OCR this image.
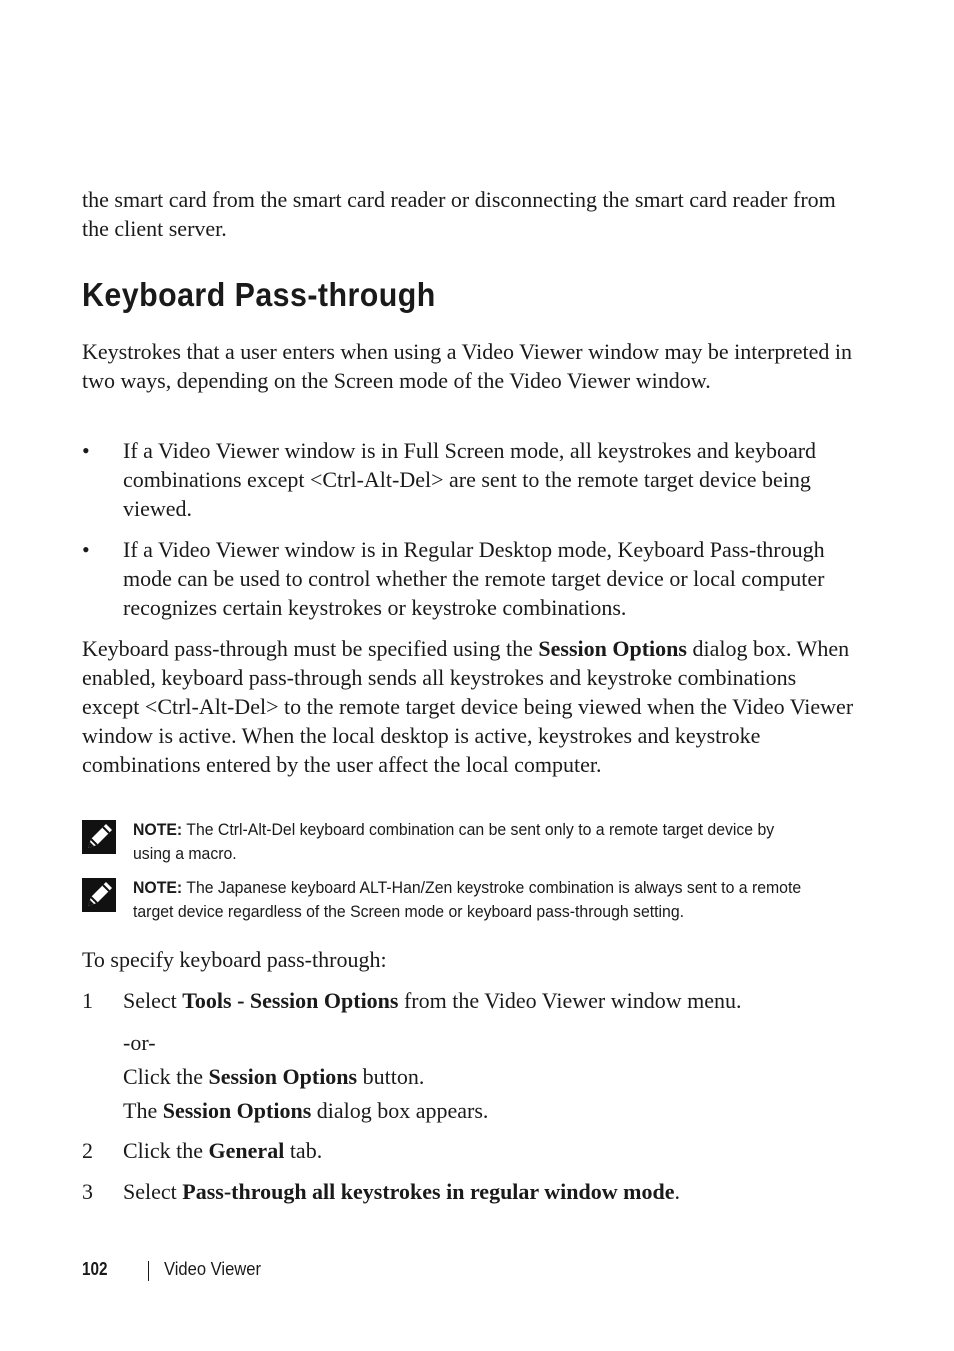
the smart card from the smart card reader or disconnecting the smart card reader from the client server.

Keyboard Pass-through

Keystrokes that a user enters when using a Video Viewer window may be interpreted in two ways, depending on the Screen mode of the Video Viewer window.

•	If a Video Viewer window is in Full Screen mode, all keystrokes and keyboard combinations except <Ctrl-Alt-Del> are sent to the remote target device being viewed.
•	If a Video Viewer window is in Regular Desktop mode, Keyboard Pass-through mode can be used to control whether the remote target device or local computer recognizes certain keystrokes or keystroke combinations.

Keyboard pass-through must be specified using the Session Options dialog box. When enabled, keyboard pass-through sends all keystrokes and keystroke combinations except <Ctrl-Alt-Del> to the remote target device being viewed when the Video Viewer window is active. When the local desktop is active, keystrokes and keystroke combinations entered by the user affect the local computer.

NOTE: The Ctrl-Alt-Del keyboard combination can be sent only to a remote target device by using a macro.
NOTE: The Japanese keyboard ALT-Han/Zen keystroke combination is always sent to a remote target device regardless of the Screen mode or keyboard pass-through setting.

To specify keyboard pass-through:

1 Select Tools - Session Options from the Video Viewer window menu.
-or-
Click the Session Options button.
The Session Options dialog box appears.
2 Click the General tab.
3 Select Pass-through all keystrokes in regular window mode.
102	Video Viewer
